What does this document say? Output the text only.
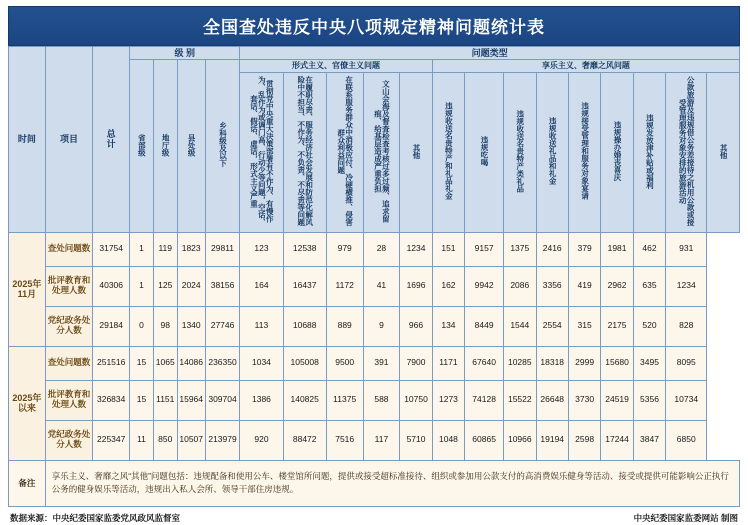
全国查处违反中央八项规定精神问题统计表
时间	项目	总
计	级 别				问题类型													
			省部级	地厅级	县处级	乡科级及以下	形式主义、官僚主义问题					享乐主义、奢靡之风问题								
							贯彻党中央重大决策部署有不作为、有慢作为、乱作为或调门高、行动少等问题，空话、套话、假话、虚话，形式主义严重	在履职尽责、服务经济社会发展和防范化解风险中不担当、不作为、不负责、不尽责等问题	在联系服务群众中消极应付、冷硬横推、侵害群众利益问题	文山会海及督查检查考核过多过频、追求留痕、给基层造成严重负担	其他	违规收送名贵特产和礼品礼金	违规吃喝	违规收送名贵特产类礼品	违规收送礼品和礼金	违规接受管理和服务对象宴请	违规操办婚丧喜庆	违规发放津补贴或福利	公款旅游及违规借公务差接待之机用公款或接受管理服务对象安排的旅游活动	其他
2025年
11月	查处问题数	31754	1	119	1823	29811	123	12538	979	28	1234	151	9157	1375	2416	379	1981	462	931	
	批评教育和处理人数	40306	1	125	2024	38156	164	16437	1172	41	1696	162	9942	2086	3356	419	2962	635	1234	
	党纪政务处分人数	29184	0	98	1340	27746	113	10688	889	9	966	134	8449	1544	2554	315	2175	520	828	
2025年
以来	查处问题数	251516	15	1065	14086	236350	1034	105008	9500	391	7900	1171	67640	10285	18318	2999	15680	3495	8095	
	批评教育和处理人数	326834	15	1151	15964	309704	1386	140825	11375	588	10750	1273	74128	15522	26648	3730	24519	5356	10734	
	党纪政务处分人数	225347	11	850	10507	213979	920	88472	7516	117	5710	1048	60865	10966	19194	2598	17244	3847	6850	
备注	享乐主义、奢靡之风“其他”问题包括：违规配备和使用公车、楼堂馆所问题，提供或接受超标准接待、组织或参加用公款支付的高消费娱乐健身等活动、接受或提供可能影响公正执行公务的健身娱乐等活动，违规出入私人会所、领导干部住房违规。																			
数据来源：中央纪委国家监委党风政风监督室	中央纪委国家监委网站 制图
